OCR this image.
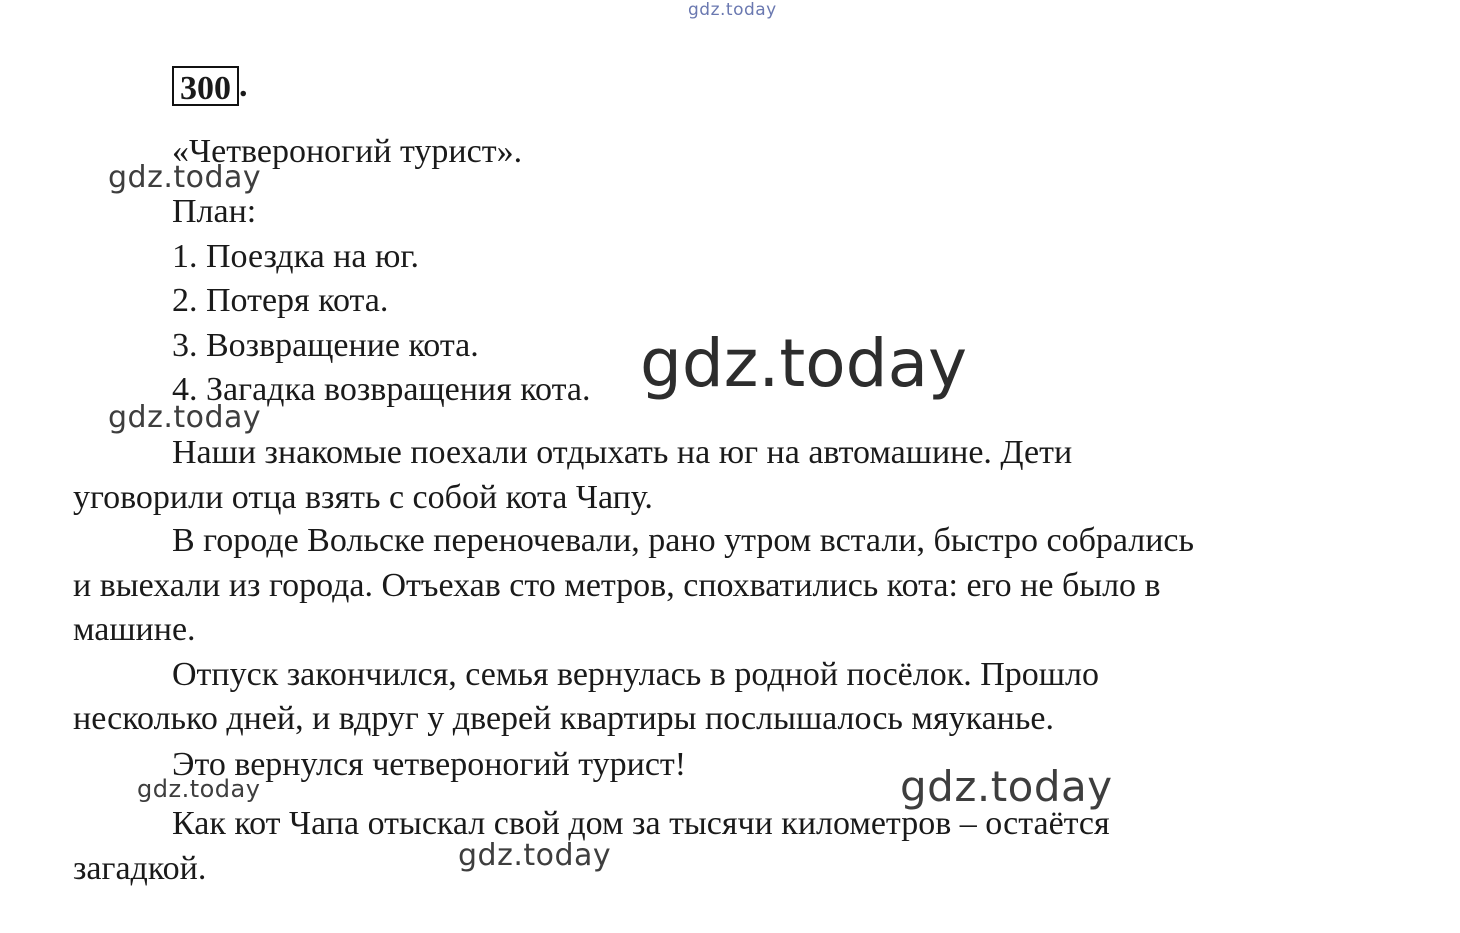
300 .
«Четвероногий турист».
План:
1. Поездка на юг.
2. Потеря кота.
3. Возвращение кота.
4. Загадка возвращения кота.
Наши знакомые поехали отдыхать на юг на автомашине. Дети
уговорили отца взять с собой кота Чапу.
В городе Вольске переночевали, рано утром встали, быстро собрались
и выехали из города. Отъехав сто метров, спохватились кота: его не было в
машине.
Отпуск закончился, семья вернулась в родной посёлок. Прошло
несколько дней, и вдруг у дверей квартиры послышалось мяуканье.
Это вернулся четвероногий турист!
Как кот Чапа отыскал свой дом за тысячи километров – остаётся
загадкой.
gdz.today
gdz.today
gdz.today
gdz.today
gdz.today	gdz.today
gdz.today
